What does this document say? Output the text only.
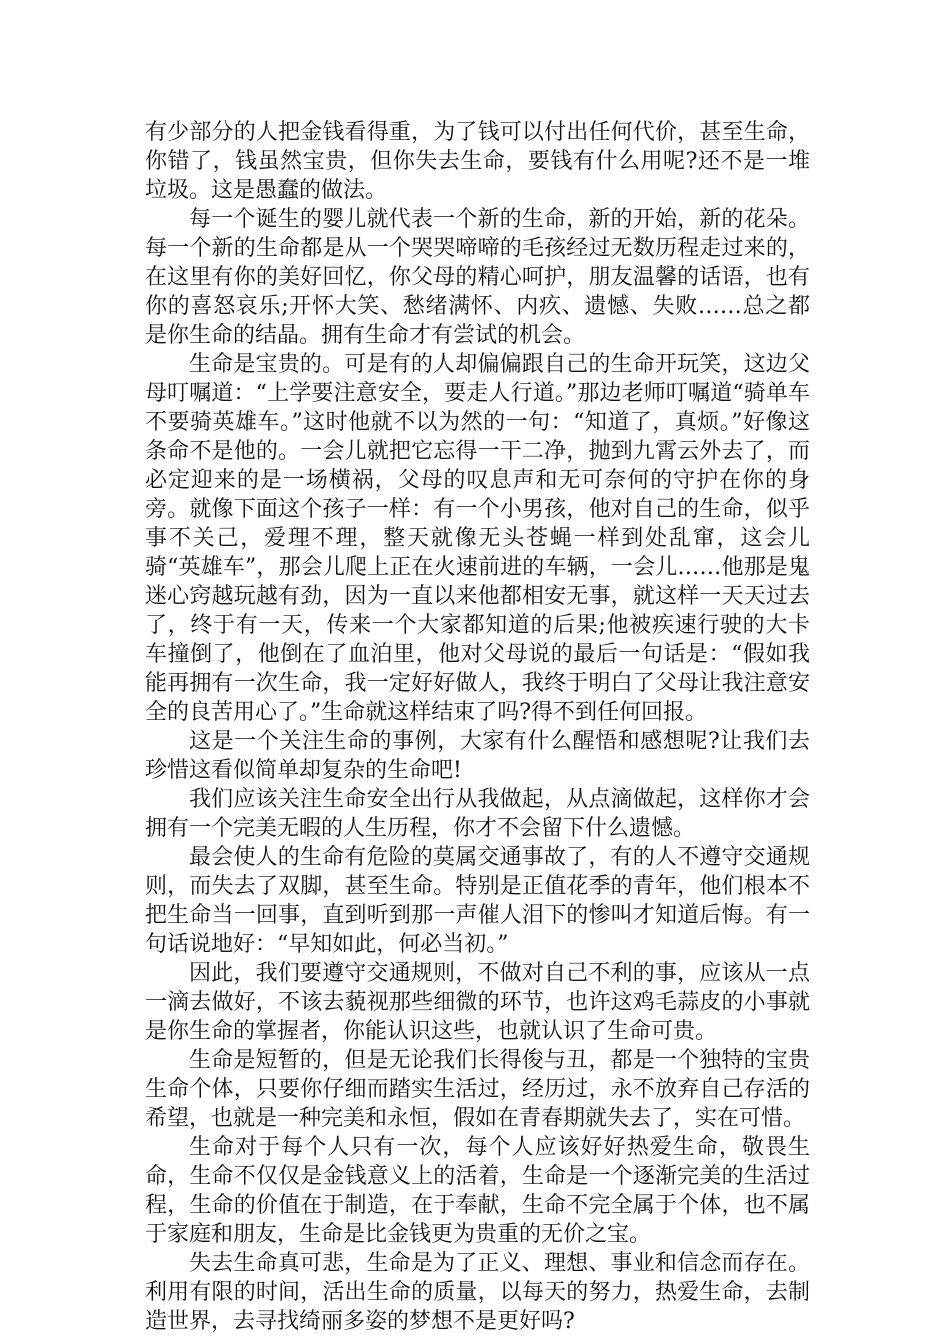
有少部分的人把金钱看得重，为了钱可以付出任何代价，甚至生命，你错了，钱虽然宝贵，但你失去生命，要钱有什么用呢?还不是一堆垃圾。这是愚蠢的做法。

每一个诞生的婴儿就代表一个新的生命，新的开始，新的花朵。每一个新的生命都是从一个哭哭啼啼的毛孩经过无数历程走过来的，在这里有你的美好回忆，你父母的精心呵护，朋友温馨的话语，也有你的喜怒哀乐;开怀大笑、愁绪满怀、内疚、遗憾、失败……总之都是你生命的结晶。拥有生命才有尝试的机会。

生命是宝贵的。可是有的人却偏偏跟自己的生命开玩笑，这边父母叮嘱道：“上学要注意安全，要走人行道。”那边老师叮嘱道“骑单车不要骑英雄车。”这时他就不以为然的一句：“知道了，真烦。”好像这条命不是他的。一会儿就把它忘得一干二净，抛到九霄云外去了，而必定迎来的是一场横祸，父母的叹息声和无可奈何的守护在你的身旁。就像下面这个孩子一样：有一个小男孩，他对自己的生命，似乎事不关己，爱理不理，整天就像无头苍蝇一样到处乱窜，这会儿骑“英雄车”，那会儿爬上正在火速前进的车辆，一会儿……他那是鬼迷心窍越玩越有劲，因为一直以来他都相安无事，就这样一天天过去了，终于有一天，传来一个大家都知道的后果;他被疾速行驶的大卡车撞倒了，他倒在了血泊里，他对父母说的最后一句话是：“假如我能再拥有一次生命，我一定好好做人，我终于明白了父母让我注意安全的良苦用心了。”生命就这样结束了吗?得不到任何回报。

这是一个关注生命的事例，大家有什么醒悟和感想呢?让我们去珍惜这看似简单却复杂的生命吧!

我们应该关注生命安全出行从我做起，从点滴做起，这样你才会拥有一个完美无暇的人生历程，你才不会留下什么遗憾。

最会使人的生命有危险的莫属交通事故了，有的人不遵守交通规则，而失去了双脚，甚至生命。特别是正值花季的青年，他们根本不把生命当一回事，直到听到那一声催人泪下的惨叫才知道后悔。有一句话说地好：“早知如此，何必当初。”

因此，我们要遵守交通规则，不做对自己不利的事，应该从一点一滴去做好，不该去藐视那些细微的环节，也许这鸡毛蒜皮的小事就是你生命的掌握者，你能认识这些，也就认识了生命可贵。

生命是短暂的，但是无论我们长得俊与丑，都是一个独特的宝贵生命个体，只要你仔细而踏实生活过，经历过，永不放弃自己存活的希望，也就是一种完美和永恒，假如在青春期就失去了，实在可惜。

生命对于每个人只有一次，每个人应该好好热爱生命，敬畏生命，生命不仅仅是金钱意义上的活着，生命是一个逐渐完美的生活过程，生命的价值在于制造，在于奉献，生命不完全属于个体，也不属于家庭和朋友，生命是比金钱更为贵重的无价之宝。

失去生命真可悲，生命是为了正义、理想、事业和信念而存在。利用有限的时间，活出生命的质量，以每天的努力，热爱生命，去制造世界，去寻找绮丽多姿的梦想不是更好吗?
